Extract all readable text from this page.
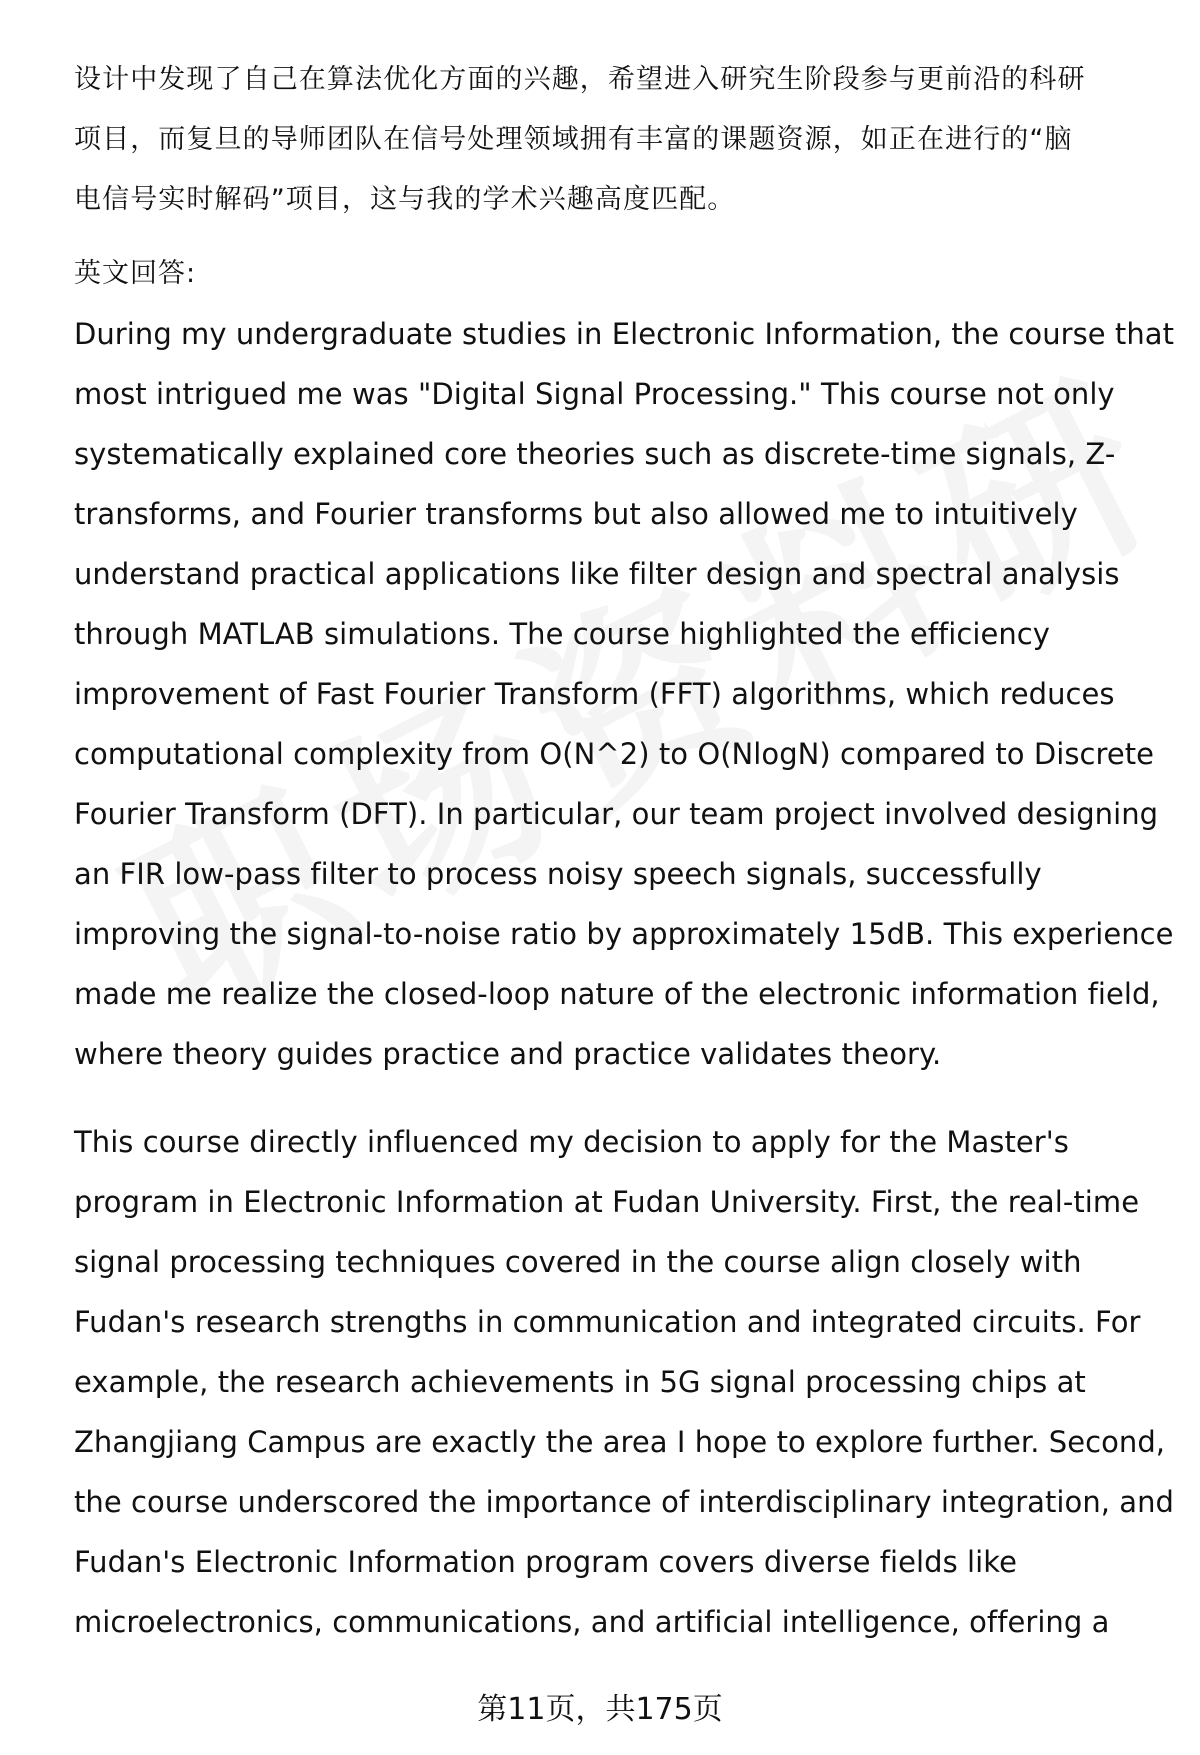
设计中发现了自己在算法优化方面的兴趣，希望进入研究生阶段参与更前沿的科研
项目，而复旦的导师团队在信号处理领域拥有丰富的课题资源，如正在进行的“脑
电信号实时解码”项目，这与我的学术兴趣高度匹配。
英文回答:
During my undergraduate studies in Electronic Information, the course that
most intrigued me was "Digital Signal Processing." This course not only
systematically explained core theories such as discrete-time signals, Z-
transforms, and Fourier transforms but also allowed me to intuitively
understand practical applications like filter design and spectral analysis
through MATLAB simulations. The course highlighted the efficiency
improvement of Fast Fourier Transform (FFT) algorithms, which reduces
computational complexity from O(N^2) to O(NlogN) compared to Discrete
Fourier Transform (DFT). In particular, our team project involved designing
an FIR low-pass filter to process noisy speech signals, successfully
improving the signal-to-noise ratio by approximately 15dB. This experience
made me realize the closed-loop nature of the electronic information field,
where theory guides practice and practice validates theory.
This course directly influenced my decision to apply for the Master's
program in Electronic Information at Fudan University. First, the real-time
signal processing techniques covered in the course align closely with
Fudan's research strengths in communication and integrated circuits. For
example, the research achievements in 5G signal processing chips at
Zhangjiang Campus are exactly the area I hope to explore further. Second,
the course underscored the importance of interdisciplinary integration, and
Fudan's Electronic Information program covers diverse fields like
microelectronics, communications, and artificial intelligence, offering a
第11页，共175页
